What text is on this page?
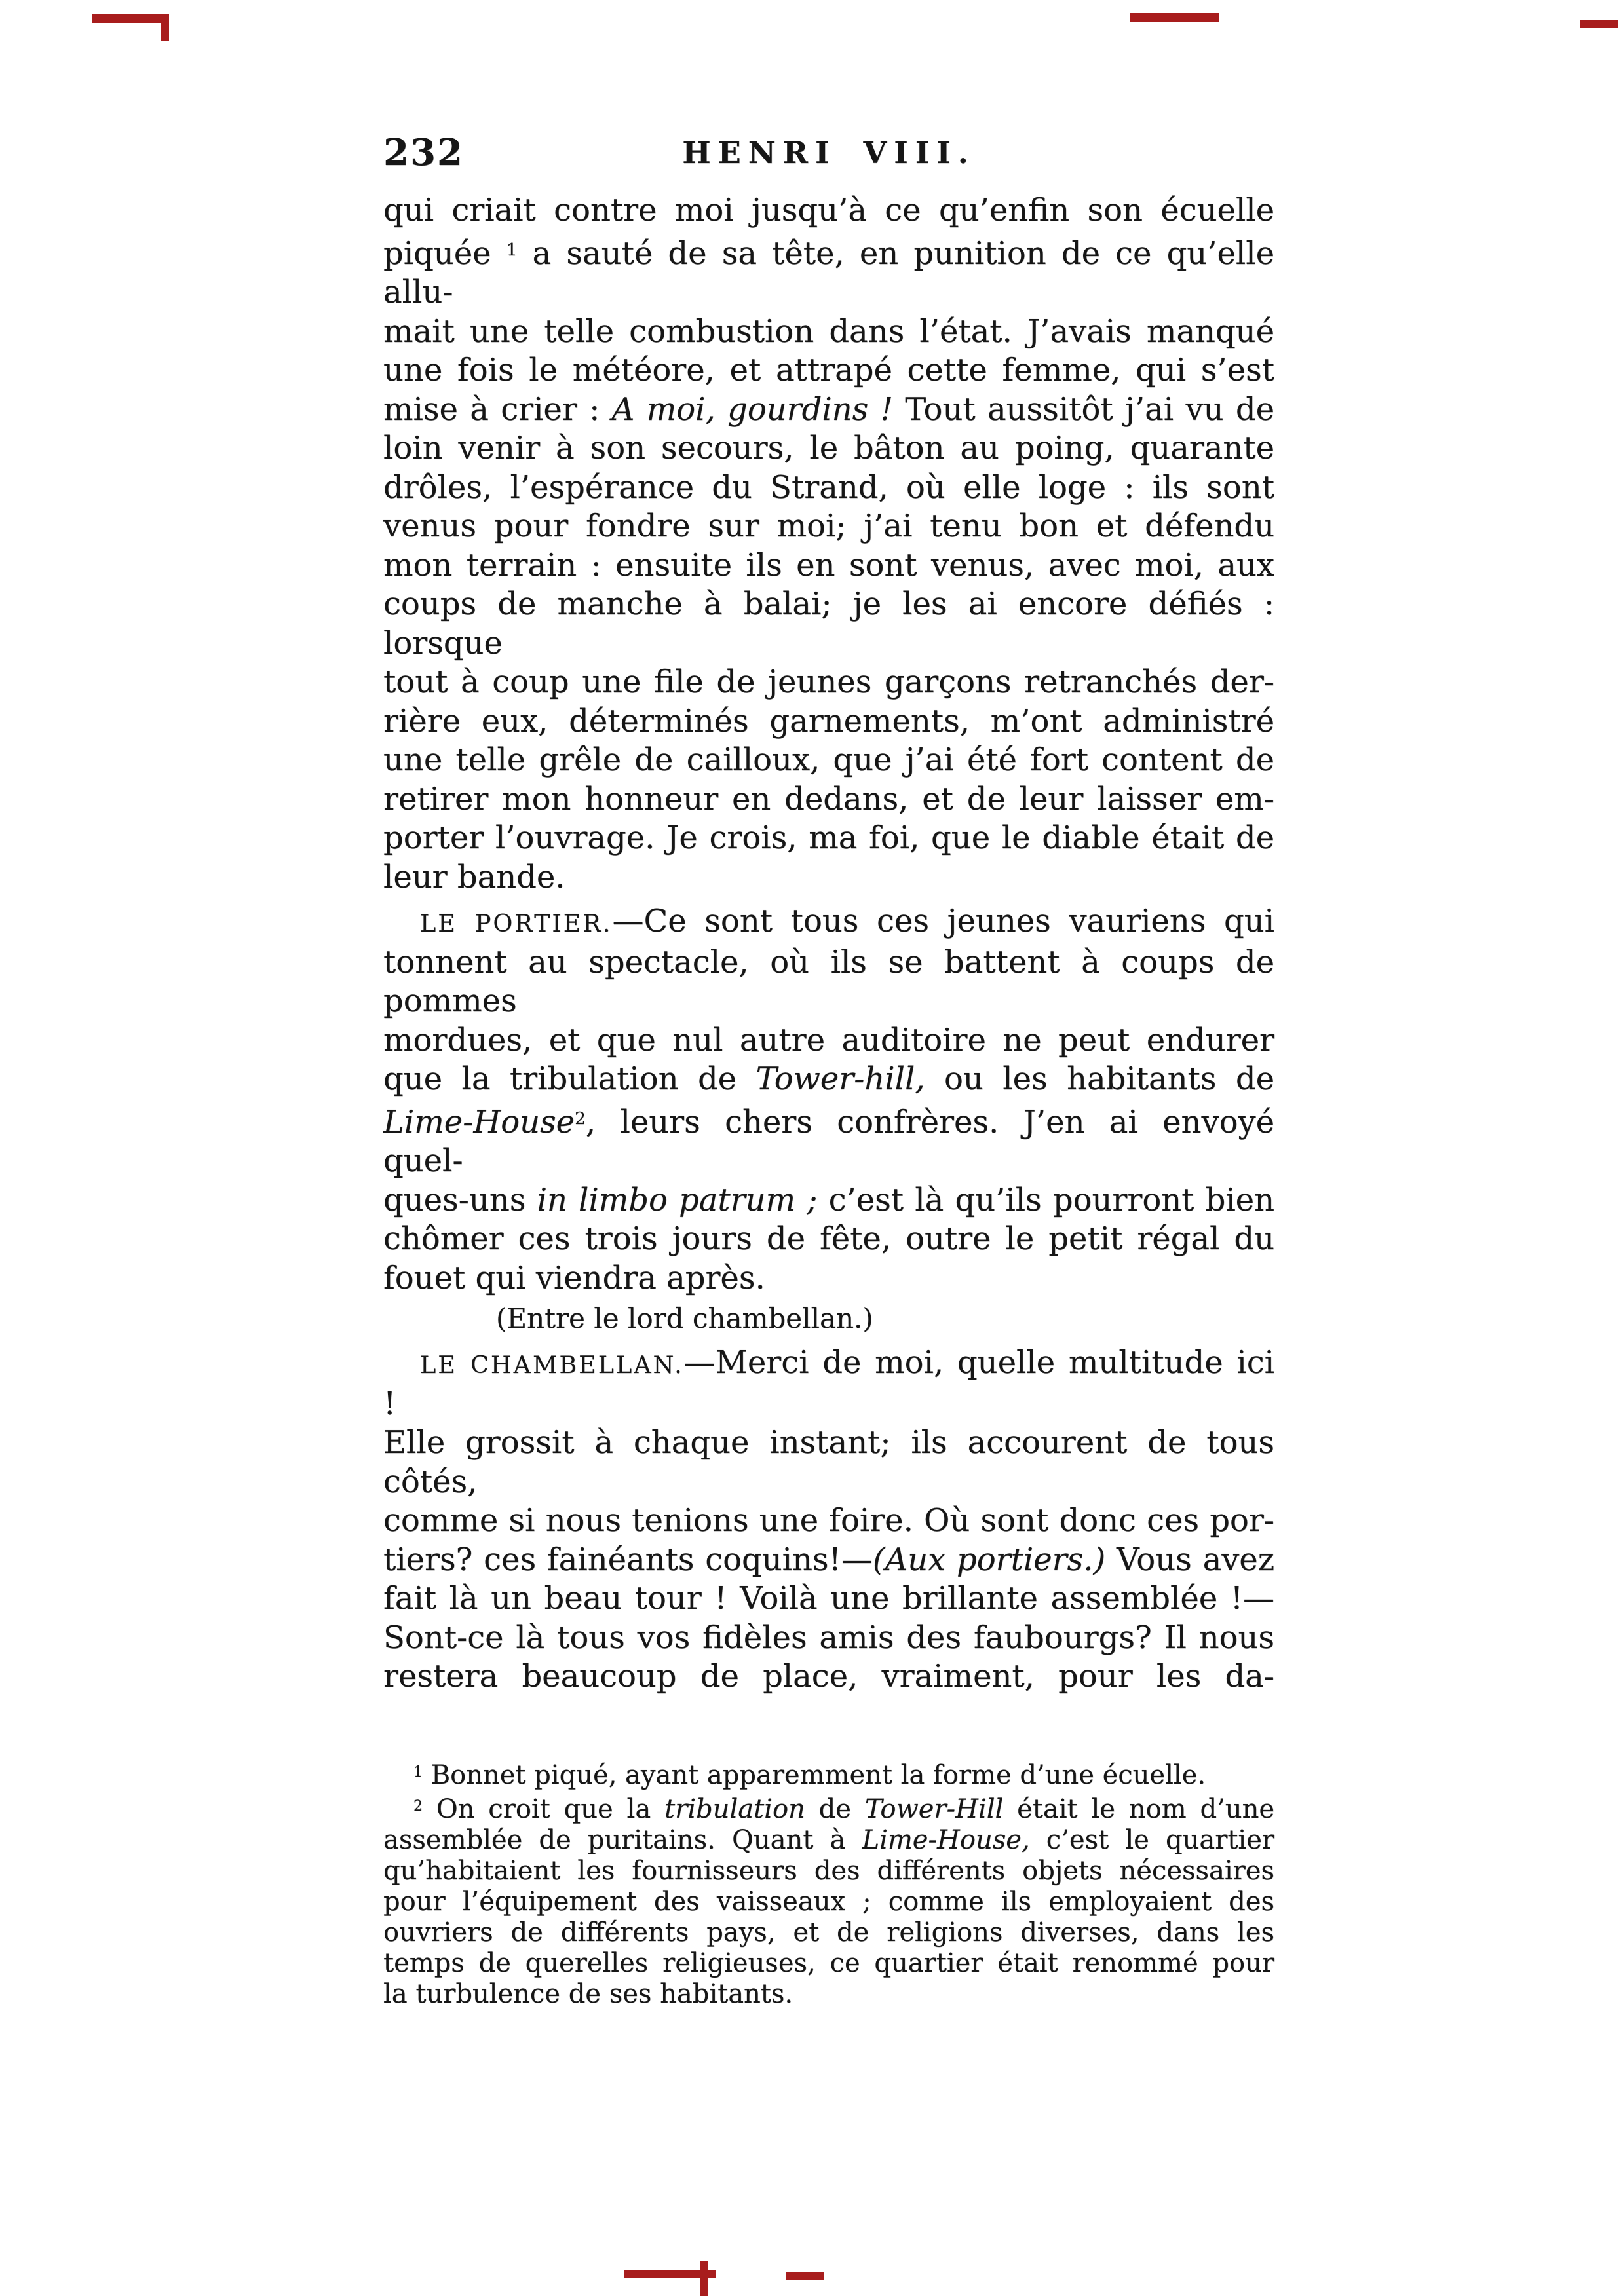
232	HENRI VIII.
qui criait contre moi jusqu’à ce qu’enfin son écuelle
piquée $^1$ a sauté de sa tête, en punition de ce qu’elle allu-
mait une telle combustion dans l’état. J’avais manqué
une fois le météore, et attrapé cette femme, qui s’est
mise à crier : A moi, gourdins ! Tout aussitôt j’ai vu de
loin venir à son secours, le bâton au poing, quarante
drôles, l’espérance du Strand, où elle loge : ils sont
venus pour fondre sur moi; j’ai tenu bon et défendu
mon terrain : ensuite ils en sont venus, avec moi, aux
coups de manche à balai; je les ai encore défiés : lorsque
tout à coup une file de jeunes garçons retranchés der-
rière eux, déterminés garnements, m’ont administré
une telle grêle de cailloux, que j’ai été fort content de
retirer mon honneur en dedans, et de leur laisser em-
porter l’ouvrage. Je crois, ma foi, que le diable était de
leur bande.
LE PORTIER.—Ce sont tous ces jeunes vauriens qui
tonnent au spectacle, où ils se battent à coups de pommes
mordues, et que nul autre auditoire ne peut endurer
que la tribulation de Tower-hill, ou les habitants de
Lime-House$^2$, leurs chers confrères. J’en ai envoyé quel-
ques-uns in limbo patrum ; c’est là qu’ils pourront bien
chômer ces trois jours de fête, outre le petit régal du
fouet qui viendra après.
(Entre le lord chambellan.)
LE CHAMBELLAN.—Merci de moi, quelle multitude ici !
Elle grossit à chaque instant; ils accourent de tous côtés,
comme si nous tenions une foire. Où sont donc ces por-
tiers? ces fainéants coquins!—(Aux portiers.) Vous avez
fait là un beau tour ! Voilà une brillante assemblée !—
Sont-ce là tous vos fidèles amis des faubourgs? Il nous
restera beaucoup de place, vraiment, pour les da-
$^1$ Bonnet piqué, ayant apparemment la forme d’une écuelle.
$^2$ On croit que la tribulation de Tower-Hill était le nom d’une
assemblée de puritains. Quant à Lime-House, c’est le quartier
qu’habitaient les fournisseurs des différents objets nécessaires
pour l’équipement des vaisseaux ; comme ils employaient des
ouvriers de différents pays, et de religions diverses, dans les
temps de querelles religieuses, ce quartier était renommé pour
la turbulence de ses habitants.
